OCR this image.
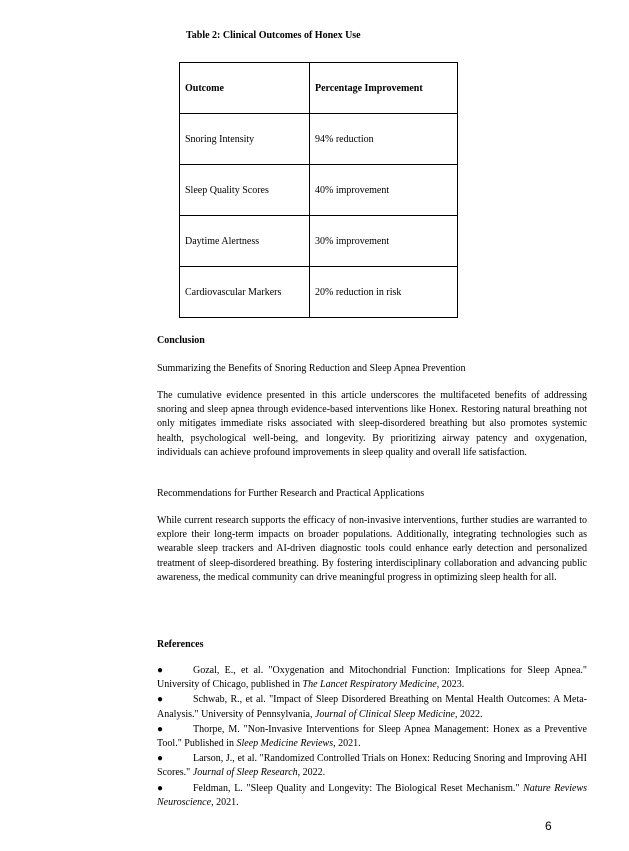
Table 2: Clinical Outcomes of Honex Use
Outcome	Percentage Improvement
Snoring Intensity	94% reduction
Sleep Quality Scores	40% improvement
Daytime Alertness	30% improvement
Cardiovascular Markers	20% reduction in risk
Conclusion
Summarizing the Benefits of Snoring Reduction and Sleep Apnea Prevention
The cumulative evidence presented in this article underscores the multifaceted benefits of addressing snoring and sleep apnea through evidence-based interventions like Honex. Restoring natural breathing not only mitigates immediate risks associated with sleep-disordered breathing but also promotes systemic health, psychological well-being, and longevity. By prioritizing airway patency and oxygenation, individuals can achieve profound improvements in sleep quality and overall life satisfaction.
Recommendations for Further Research and Practical Applications
While current research supports the efficacy of non-invasive interventions, further studies are warranted to explore their long-term impacts on broader populations. Additionally, integrating technologies such as wearable sleep trackers and AI-driven diagnostic tools could enhance early detection and personalized treatment of sleep-disordered breathing. By fostering interdisciplinary collaboration and advancing public awareness, the medical community can drive meaningful progress in optimizing sleep health for all.
References
●	Gozal, E., et al. "Oxygenation and Mitochondrial Function: Implications for Sleep Apnea." University of Chicago, published in The Lancet Respiratory Medicine, 2023.
●	Schwab, R., et al. "Impact of Sleep Disordered Breathing on Mental Health Outcomes: A Meta-Analysis." University of Pennsylvania, Journal of Clinical Sleep Medicine, 2022.
●	Thorpe, M. "Non-Invasive Interventions for Sleep Apnea Management: Honex as a Preventive Tool." Published in Sleep Medicine Reviews, 2021.
●	Larson, J., et al. "Randomized Controlled Trials on Honex: Reducing Snoring and Improving AHI Scores." Journal of Sleep Research, 2022.
●	Feldman, L. "Sleep Quality and Longevity: The Biological Reset Mechanism." Nature Reviews Neuroscience, 2021.
6
